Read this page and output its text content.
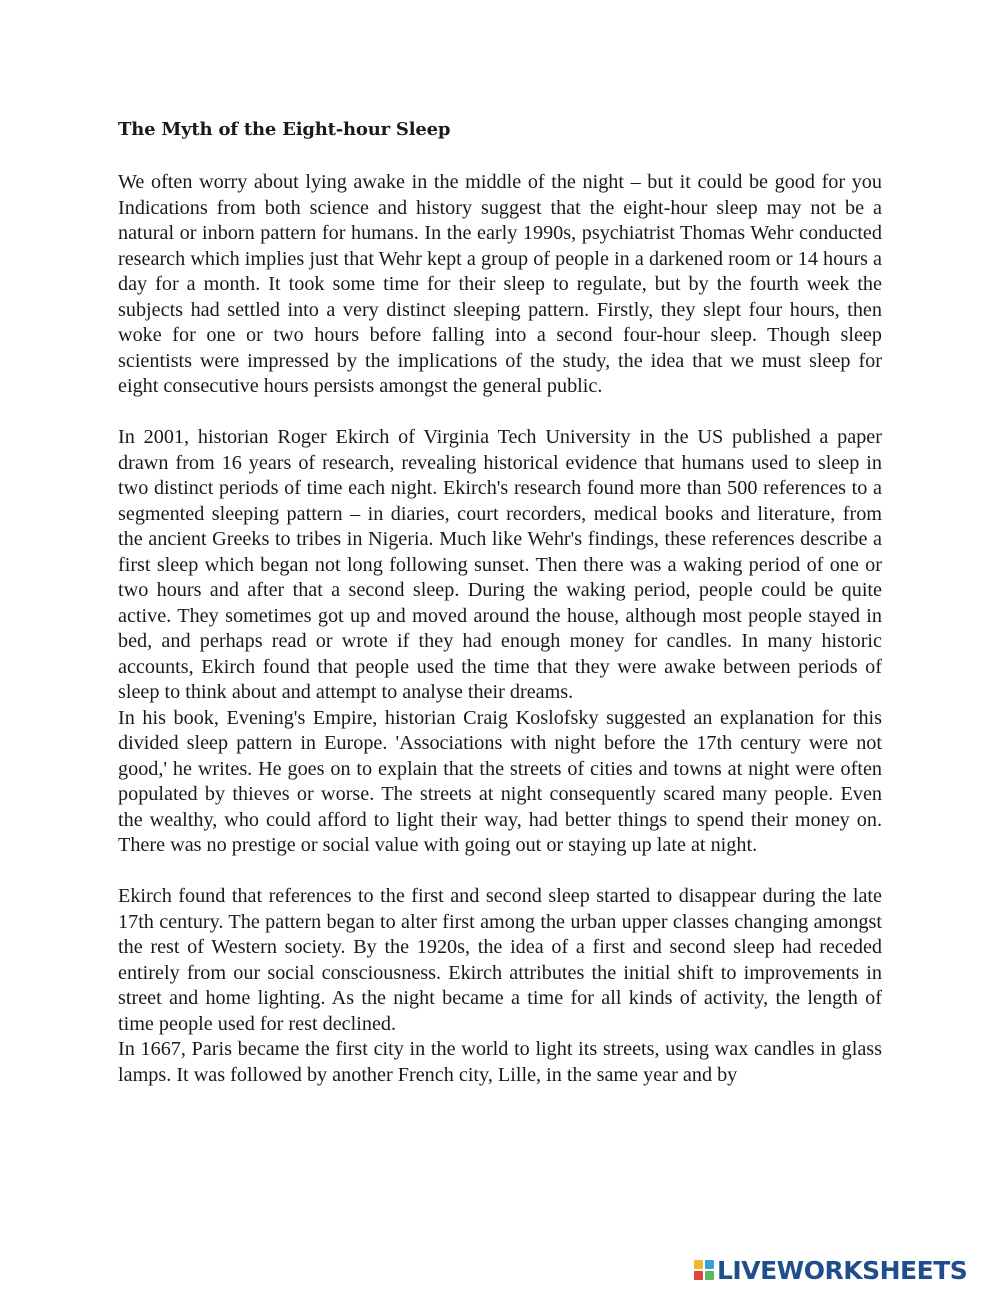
The Myth of the Eight-hour Sleep

We often worry about lying awake in the middle of the night – but it could be good for you Indications from both science and history suggest that the eight-hour sleep may not be a natural or inborn pattern for humans. In the early 1990s, psychiatrist Thomas Wehr conducted research which implies just that Wehr kept a group of people in a darkened room or 14 hours a day for a month. It took some time for their sleep to regulate, but by the fourth week the subjects had settled into a very distinct sleeping pattern. Firstly, they slept four hours, then woke for one or two hours before falling into a second four-hour sleep. Though sleep scientists were impressed by the implications of the study, the idea that we must sleep for eight consecutive hours persists amongst the general public.

In 2001, historian Roger Ekirch of Virginia Tech University in the US published a paper drawn from 16 years of research, revealing historical evidence that humans used to sleep in two distinct periods of time each night. Ekirch's research found more than 500 references to a segmented sleeping pattern – in diaries, court recorders, medical books and literature, from the ancient Greeks to tribes in Nigeria. Much like Wehr's findings, these references describe a first sleep which began not long following sunset. Then there was a waking period of one or two hours and after that a second sleep. During the waking period, people could be quite active. They sometimes got up and moved around the house, although most people stayed in bed, and perhaps read or wrote if they had enough money for candles. In many historic accounts, Ekirch found that people used the time that they were awake between periods of sleep to think about and attempt to analyse their dreams.

In his book, Evening's Empire, historian Craig Koslofsky suggested an explanation for this divided sleep pattern in Europe. 'Associations with night before the 17th century were not good,' he writes. He goes on to explain that the streets of cities and towns at night were often populated by thieves or worse. The streets at night consequently scared many people. Even the wealthy, who could afford to light their way, had better things to spend their money on. There was no prestige or social value with going out or staying up late at night.

Ekirch found that references to the first and second sleep started to disappear during the late 17th century. The pattern began to alter first among the urban upper classes changing amongst the rest of Western society. By the 1920s, the idea of a first and second sleep had receded entirely from our social consciousness. Ekirch attributes the initial shift to improvements in street and home lighting. As the night became a time for all kinds of activity, the length of time people used for rest declined.

In 1667, Paris became the first city in the world to light its streets, using wax candles in glass lamps. It was followed by another French city, Lille, in the same year and by

LIVEWORKSHEETS
